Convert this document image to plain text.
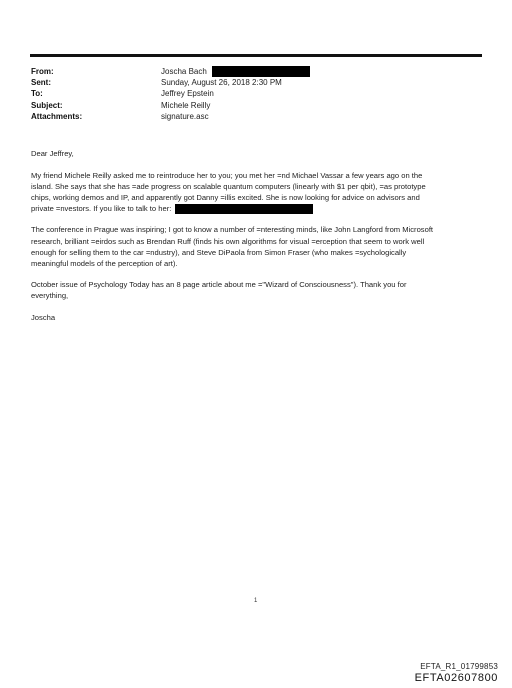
From:	Joscha Bach
Sent:	Sunday, August 26, 2018 2:30 PM
To:	Jeffrey Epstein
Subject:	Michele Reilly
Attachments:	signature.asc

Dear Jeffrey,

My friend Michele Reilly asked me to reintroduce her to you; you met her =nd Michael Vassar a few years ago on the
island. She says that she has =ade progress on scalable quantum computers (linearly with $1 per qbit), =as prototype
chips, working demos and IP, and apparently got Danny =illis excited. She is now looking for advice on advisors and
private =nvestors. If you like to talk to her:

The conference in Prague was inspiring; I got to know a number of =nteresting minds, like John Langford from Microsoft
research, brilliant =eirdos such as Brendan Ruff (finds his own algorithms for visual =erception that seem to work well
enough for selling them to the car =ndustry), and Steve DiPaola from Simon Fraser (who makes =sychologically
meaningful models of the perception of art).

October issue of Psychology Today has an 8 page article about me ="Wizard of Consciousness"). Thank you for
everything,

Joscha

1
EFTA_R1_01799853
EFTA02607800
